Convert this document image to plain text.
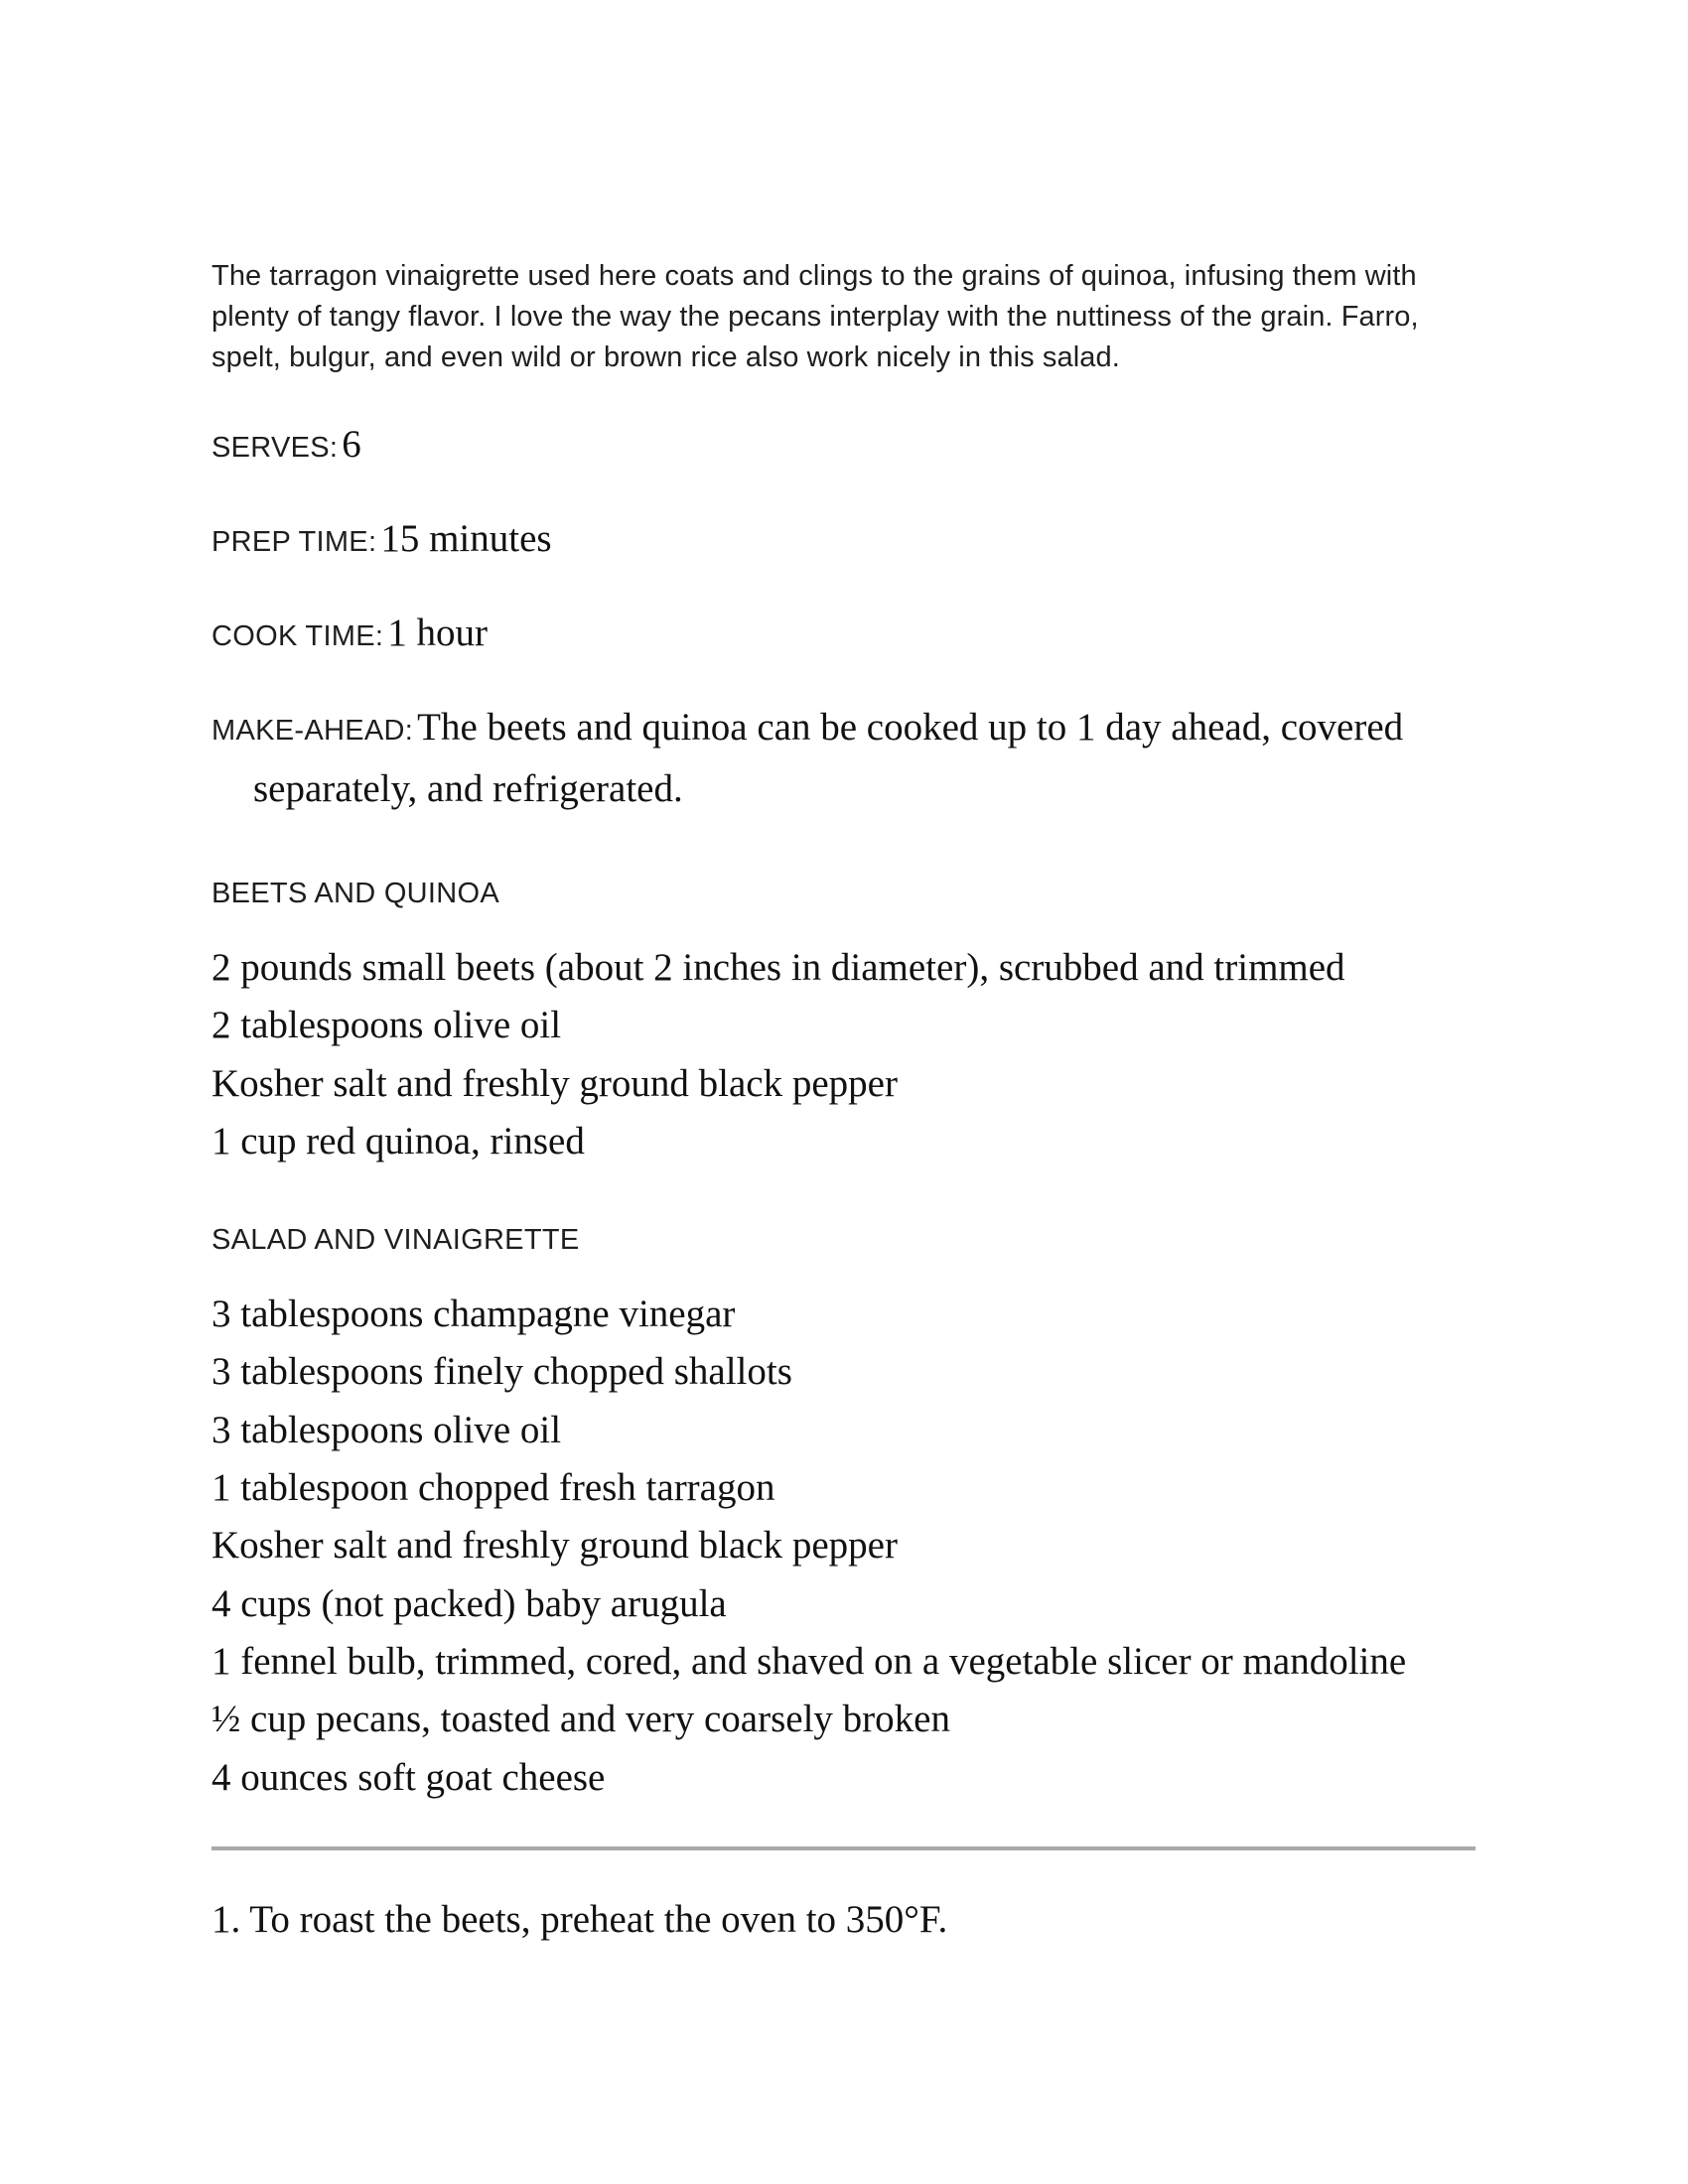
The tarragon vinaigrette used here coats and clings to the grains of quinoa, infusing them with plenty of tangy flavor. I love the way the pecans interplay with the nuttiness of the grain. Farro, spelt, bulgur, and even wild or brown rice also work nicely in this salad.

SERVES: 6

PREP TIME: 15 minutes

COOK TIME: 1 hour

MAKE-AHEAD: The beets and quinoa can be cooked up to 1 day ahead, covered separately, and refrigerated.

BEETS AND QUINOA

2 pounds small beets (about 2 inches in diameter), scrubbed and trimmed
2 tablespoons olive oil
Kosher salt and freshly ground black pepper
1 cup red quinoa, rinsed

SALAD AND VINAIGRETTE

3 tablespoons champagne vinegar
3 tablespoons finely chopped shallots
3 tablespoons olive oil
1 tablespoon chopped fresh tarragon
Kosher salt and freshly ground black pepper
4 cups (not packed) baby arugula
1 fennel bulb, trimmed, cored, and shaved on a vegetable slicer or mandoline
½ cup pecans, toasted and very coarsely broken
4 ounces soft goat cheese
1. To roast the beets, preheat the oven to 350°F.
